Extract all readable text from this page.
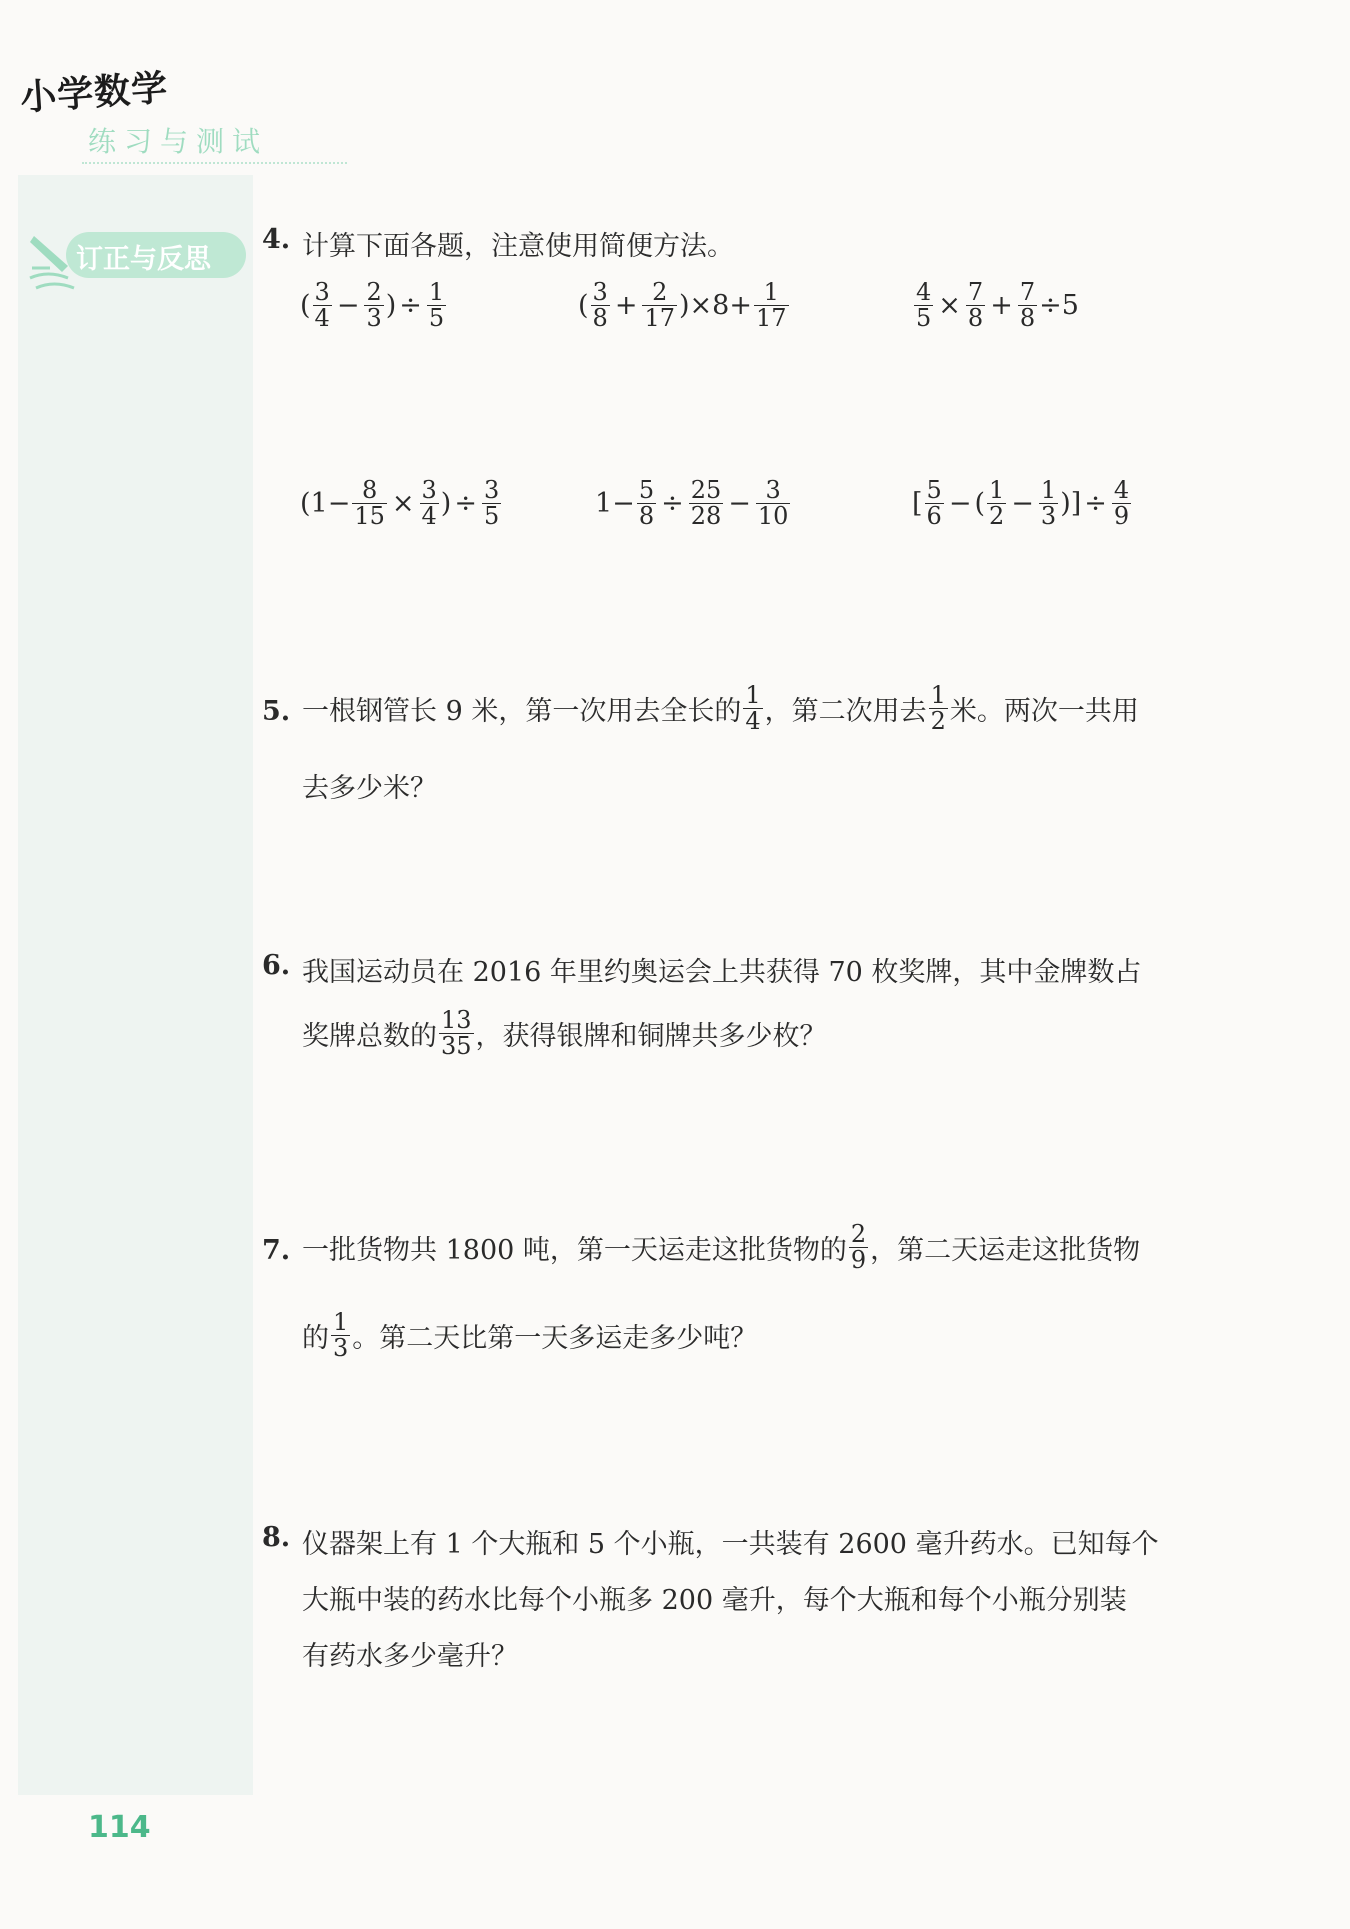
小学数学
练习与测试
订正与反思
4. 计算下面各题，注意使用简便方法。
( $\frac{3}{4} - \frac{2}{3}$ ) ÷ $\frac{1}{5}$	( $\frac{3}{8} + \frac{2}{17}$ ) $\times 8+ \frac{1}{17}$	$\frac{4}{5} \times \frac{7}{8} + \frac{7}{8} \div 5$
($1- \frac{8}{15} \times \frac{3}{4}$ ) ÷ $\frac{3}{5}$	$1- \frac{5}{8} \div \frac{25}{28} - \frac{3}{10}$	[ $\frac{5}{6}$ − ( $\frac{1}{2} - \frac{1}{3}$ )] ÷ $\frac{4}{9}$
5. 一根钢管长 9 米，第一次用去全长的 $\frac{1}{4}$ ，第二次用去 $\frac{1}{2}$ 米。两次一共用
去多少米？
6. 我国运动员在 2016 年里约奥运会上共获得 70 枚奖牌，其中金牌数占
奖牌总数的 $\frac{13}{35}$ ，获得银牌和铜牌共多少枚？
7. 一批货物共 1800 吨，第一天运走这批货物的 $\frac{2}{9}$ ，第二天运走这批货物
的 $\frac{1}{3}$ 。第二天比第一天多运走多少吨？
8. 仪器架上有 1 个大瓶和 5 个小瓶，一共装有 2600 毫升药水。已知每个
大瓶中装的药水比每个小瓶多 200 毫升，每个大瓶和每个小瓶分别装
有药水多少毫升？
114
